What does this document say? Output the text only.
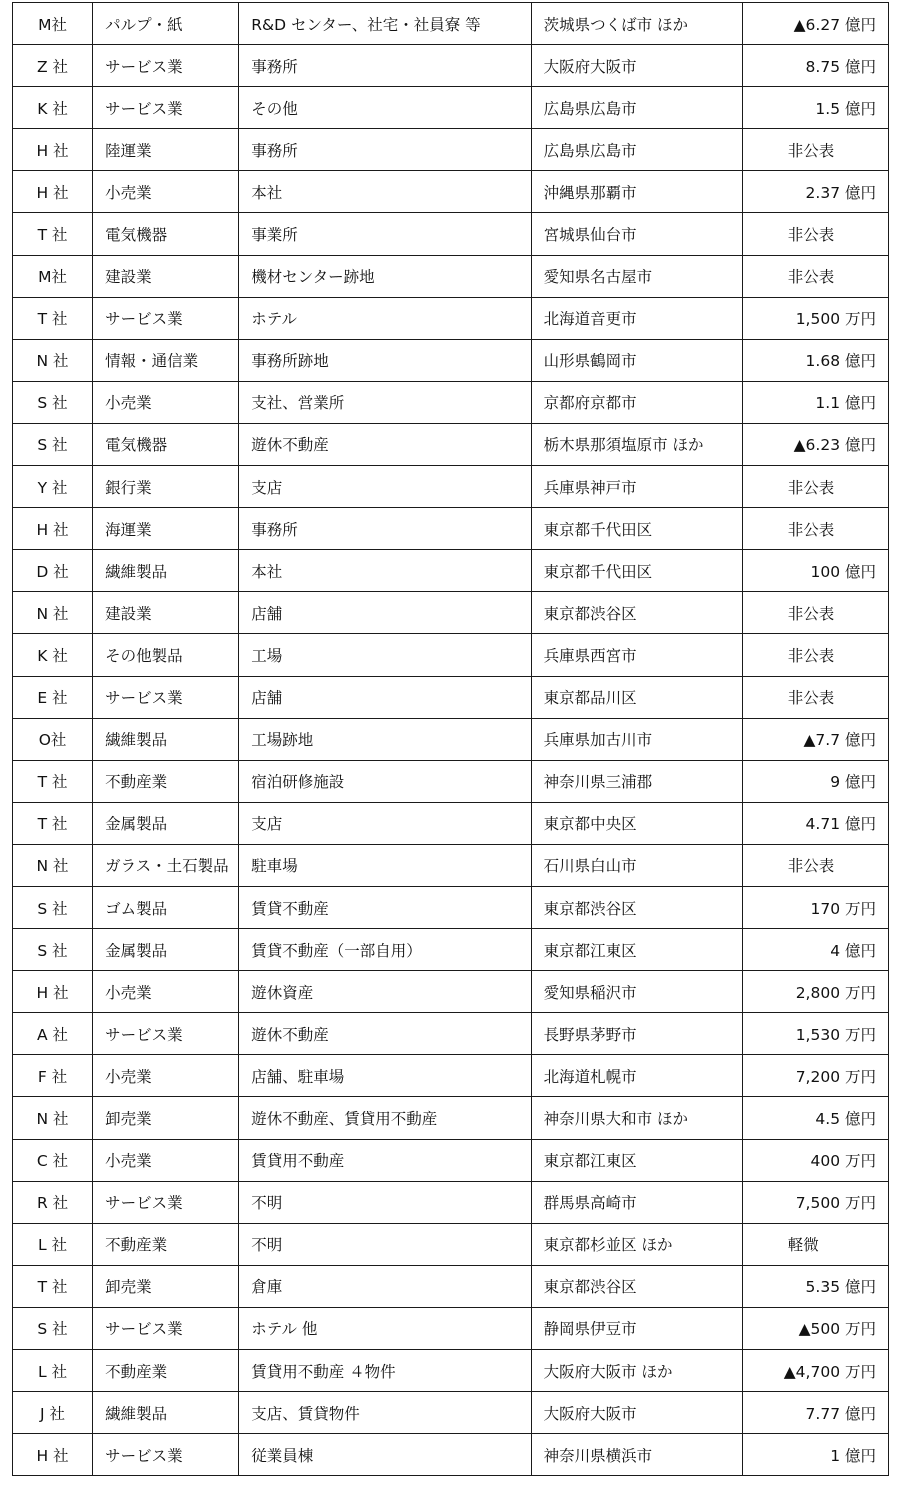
M社	パルプ・紙	R&D センター、社宅・社員寮 等	茨城県つくば市 ほか	▲6.27 億円
Z 社	サービス業	事務所	大阪府大阪市	8.75 億円
K 社	サービス業	その他	広島県広島市	1.5 億円
H 社	陸運業	事務所	広島県広島市	非公表
H 社	小売業	本社	沖縄県那覇市	2.37 億円
T 社	電気機器	事業所	宮城県仙台市	非公表
M社	建設業	機材センター跡地	愛知県名古屋市	非公表
T 社	サービス業	ホテル	北海道音更市	1,500 万円
N 社	情報・通信業	事務所跡地	山形県鶴岡市	1.68 億円
S 社	小売業	支社、営業所	京都府京都市	1.1 億円
S 社	電気機器	遊休不動産	栃木県那須塩原市 ほか	▲6.23 億円
Y 社	銀行業	支店	兵庫県神戸市	非公表
H 社	海運業	事務所	東京都千代田区	非公表
D 社	繊維製品	本社	東京都千代田区	100 億円
N 社	建設業	店舗	東京都渋谷区	非公表
K 社	その他製品	工場	兵庫県西宮市	非公表
E 社	サービス業	店舗	東京都品川区	非公表
O社	繊維製品	工場跡地	兵庫県加古川市	▲7.7 億円
T 社	不動産業	宿泊研修施設	神奈川県三浦郡	9 億円
T 社	金属製品	支店	東京都中央区	4.71 億円
N 社	ガラス・土石製品	駐車場	石川県白山市	非公表
S 社	ゴム製品	賃貸不動産	東京都渋谷区	170 万円
S 社	金属製品	賃貸不動産（一部自用）	東京都江東区	4 億円
H 社	小売業	遊休資産	愛知県稲沢市	2,800 万円
A 社	サービス業	遊休不動産	長野県茅野市	1,530 万円
F 社	小売業	店舗、駐車場	北海道札幌市	7,200 万円
N 社	卸売業	遊休不動産、賃貸用不動産	神奈川県大和市 ほか	4.5 億円
C 社	小売業	賃貸用不動産	東京都江東区	400 万円
R 社	サービス業	不明	群馬県高崎市	7,500 万円
L 社	不動産業	不明	東京都杉並区 ほか	軽微
T 社	卸売業	倉庫	東京都渋谷区	5.35 億円
S 社	サービス業	ホテル 他	静岡県伊豆市	▲500 万円
L 社	不動産業	賃貸用不動産 ４物件	大阪府大阪市 ほか	▲4,700 万円
J 社	繊維製品	支店、賃貸物件	大阪府大阪市	7.77 億円
H 社	サービス業	従業員棟	神奈川県横浜市	1 億円
